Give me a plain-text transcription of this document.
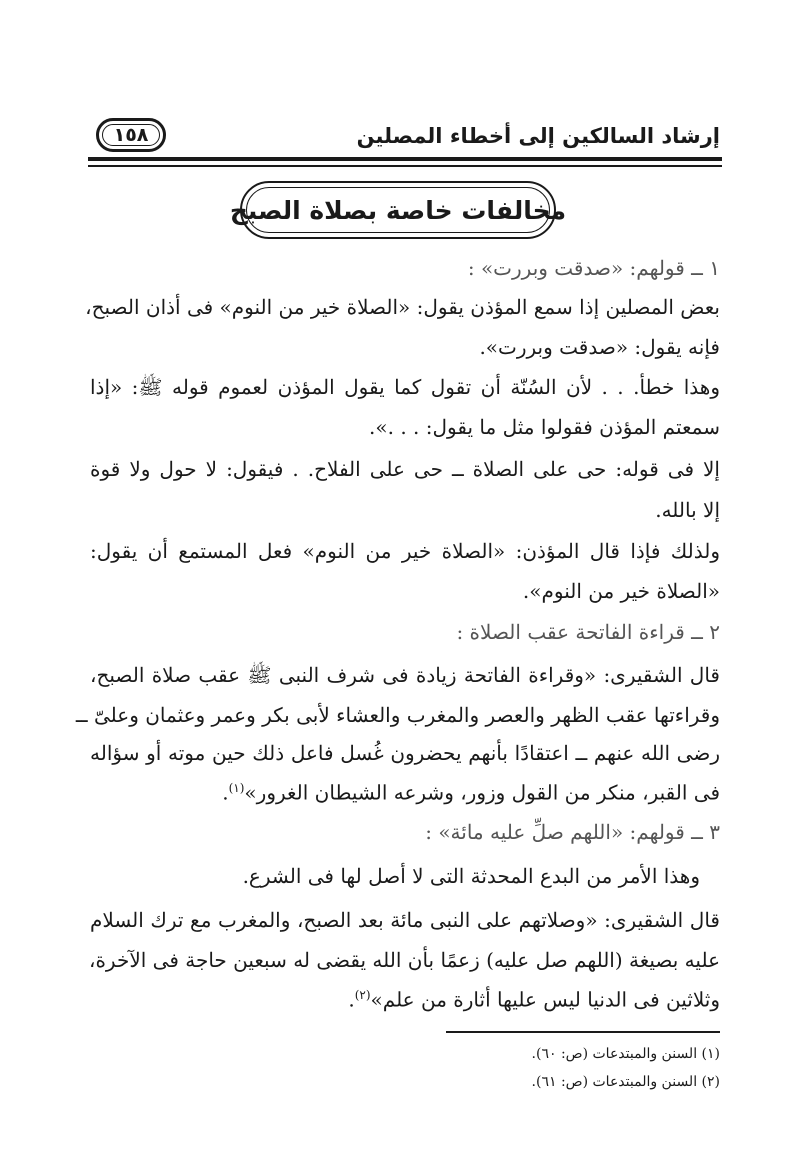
١٥٨	إرشاد السالكين إلى أخطاء المصلين
مخالفات خاصة بصلاة الصبح
١ ــ قولهم: «صدقت وبررت» :
بعض المصلين إذا سمع المؤذن يقول: «الصلاة خير من النوم» فى أذان الصبح،
فإنه يقول: «صدقت وبررت».
وهذا خطأ. . . لأن السُنّة أن تقول كما يقول المؤذن لعموم قوله ﷺ: «إذا
سمعتم المؤذن فقولوا مثل ما يقول: . . .».
إلا فى قوله: حى على الصلاة ــ حى على الفلاح. . فيقول: لا حول ولا قوة
إلا بالله.
ولذلك فإذا قال المؤذن: «الصلاة خير من النوم» فعل المستمع أن يقول:
«الصلاة خير من النوم».
٢ ــ قراءة الفاتحة عقب الصلاة :
قال الشقيرى: «وقراءة الفاتحة زيادة فى شرف النبى ﷺ عقب صلاة الصبح،
وقراءتها عقب الظهر والعصر والمغرب والعشاء لأبى بكر وعمر وعثمان وعلىّ ــ
رضى الله عنهم ــ اعتقادًا بأنهم يحضرون غُسل فاعل ذلك حين موته أو سؤاله
فى القبر، منكر من القول وزور، وشرعه الشيطان الغرور»$^{(١)}$.
٣ ــ قولهم: «اللهم صلِّ عليه مائة» :
وهذا الأمر من البدع المحدثة التى لا أصل لها فى الشرع.
قال الشقيرى: «وصلاتهم على النبى مائة بعد الصبح، والمغرب مع ترك السلام
عليه بصيغة (اللهم صل عليه) زعمًا بأن الله يقضى له سبعين حاجة فى الآخرة،
وثلاثين فى الدنيا ليس عليها أثارة من علم»$^{(٢)}$.
(١) السنن والمبتدعات (ص: ٦٠).
(٢) السنن والمبتدعات (ص: ٦١).
